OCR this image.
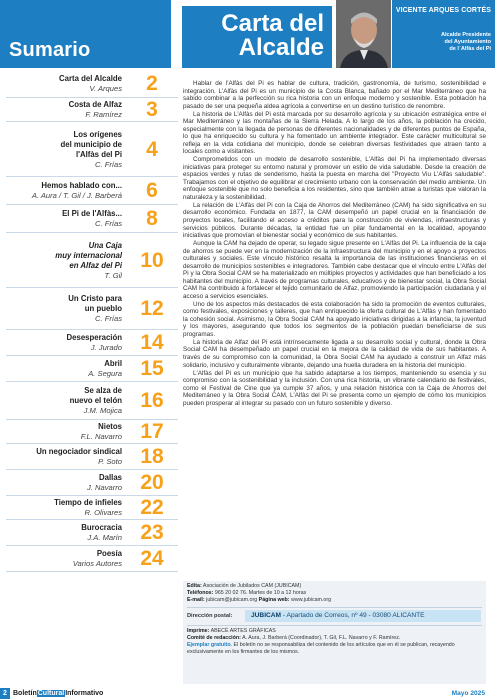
Sumario
Carta del
Alcalde
VICENTE ARQUES CORTÉS
Alcalde Presidente
del Ayuntamiento
de l´Alfàs del Pi
Carta del Alcalde
V. Arques	2
Costa de Alfaz
F. Ramírez	3
Los orígenes
del municipio de
l'Alfàs del Pi
C. Frías
4
Hemos hablado con...
A. Aura / T. Gil / J. Barberá	6
El Pi de l'Alfàs...
C. Frías	8
Una Caja
muy internacional
en Alfaz del Pi
T. Gil
10
Un Cristo para
un pueblo
C. Frías 12
Desesperación
J. Jurado 14
Abril
A. Segura 15
Se alza de
nuevo el telón
J.M. Mojica 16
Nietos
F.L. Navarro 17
Un negociador sindical
P. Soto 18
Dallas
J. Navarro 20
Tiempo de infieles
R. Olivares 22
Burocracia
J.A. Marín 23
Poesía
Varios Autores 24

Hablar de l'Alfàs del Pi es hablar de cultura, tradición, gastronomía, de turismo, sostenibilidad e integración. L'Alfàs del Pi es un municipio de la Costa Blanca, bañado por el Mar Mediterráneo que ha sabido combinar a la perfección su rica historia con un enfoque moderno y sostenible. Esta población ha pasado de ser una pequeña aldea agrícola a convertirse en un destino turístico de renombre.

La historia de L'Alfàs del Pi está marcada por su desarrollo agrícola y su ubicación estratégica entre el Mar Mediterráneo y las montañas de la Sierra Helada. A lo largo de los años, la población ha crecido, especialmente con la llegada de personas de diferentes nacionalidades y de diferentes puntos de España, lo que ha enriquecido su cultura y ha fomentado un ambiente integrador. Este carácter multicultural se refleja en la vida cotidiana del municipio, donde se celebran diversas festividades que atraen tanto a locales como a visitantes.

Comprometidos con un modelo de desarrollo sostenible, L'Alfàs del Pi ha implementado diversas iniciativas para proteger su entorno natural y promover un estilo de vida saludable. Desde la creación de espacios verdes y rutas de senderismo, hasta la puesta en marcha del "Proyecto Viu L'Alfàs saludable". Trabajamos con el objetivo de equilibrar el crecimiento urbano con la conservación del medio ambiente. Un enfoque sostenible que no solo beneficia a los residentes, sino que también atrae a turistas que valoran la naturaleza y la sostenibilidad.

La relación de L'Alfàs del Pi con la Caja de Ahorros del Mediterráneo (CAM) ha sido significativa en su desarrollo económico. Fundada en 1877, la CAM desempeñó un papel crucial en la financiación de proyectos locales, facilitando el acceso a créditos para la construcción de viviendas, infraestructuras y servicios públicos. Durante décadas, la entidad fue un pilar fundamental en la localidad, apoyando iniciativas que promovían el bienestar social y económico de sus habitantes.

Aunque la CAM ha dejado de operar, su legado sigue presente en L'Alfàs del Pi. La influencia de la caja de ahorros se puede ver en la modernización de la infraestructura del municipio y en el apoyo a proyectos culturales y sociales. Este vínculo histórico resalta la importancia de las instituciones financieras en el desarrollo de municipios sostenibles e integradores. También cabe destacar que el vínculo entre L'Alfàs del Pi y la Obra Social CAM se ha materializado en múltiples proyectos y actividades que han beneficiado a los habitantes del municipio. A través de programas culturales, educativos y de bienestar social, la Obra Social CAM ha contribuido a fortalecer el tejido comunitario de Alfaz, promoviendo la participación ciudadana y el acceso a servicios esenciales.

Uno de los aspectos más destacados de esta colaboración ha sido la promoción de eventos culturales, como festivales, exposiciones y talleres, que han enriquecido la oferta cultural de L'Alfàs y han fomentado la cohesión social. Asimismo, la Obra Social CAM ha apoyado iniciativas dirigidas a la infancia, la juventud y los mayores, asegurando que todos los segmentos de la población puedan beneficiarse de sus programas.

La historia de Alfaz del Pi está intrínsecamente ligada a su desarrollo social y cultural, donde la Obra Social CAM ha desempeñado un papel crucial en la mejora de la calidad de vida de sus habitantes. A través de su compromiso con la comunidad, la Obra Social CAM ha ayudado a construir un Alfaz más solidario, inclusivo y culturalmente vibrante, dejando una huella duradera en la historia del municipio.

L'Alfàs del Pi es un municipio que ha sabido adaptarse a los tiempos, manteniendo su esencia y su compromiso con la sostenibilidad y la inclusión. Con una rica historia, un vibrante calendario de festivales, como el Festival de Cine que ya cumple 37 años, y una relación histórica con la Caja de Ahorros del Mediterráneo y la Obra Social CAM, L'Alfàs del Pi se presenta como un ejemplo de cómo los municipios pueden prosperar al integrar su pasado con un futuro sostenible y diverso.

Edita: Asociación de Jubilados CAM (JUBICAM)
Teléfonos: 965 20 02 76. Martes de 10 a 12 horas
E-mail: jubicam@jubicam.org Página web: www.jubicam.org
Dirección postal:	JUBICAM - Apartado de Correos, nº 49 - 03080 ALICANTE
Imprime: ABECÉ ARTES GRÁFICAS
Comité de redacción: A. Aura, J. Barberá (Coordinador), T. Gil, F.L. Navarro y F. Ramírez.
Ejemplar gratuito. El boletín no se responsabiliza del contenido de los artículos que en él se publican, recayendo exclusivamente en los firmantes de los mismos.
2 BoletínCulturalInformativo	Mayo 2025
